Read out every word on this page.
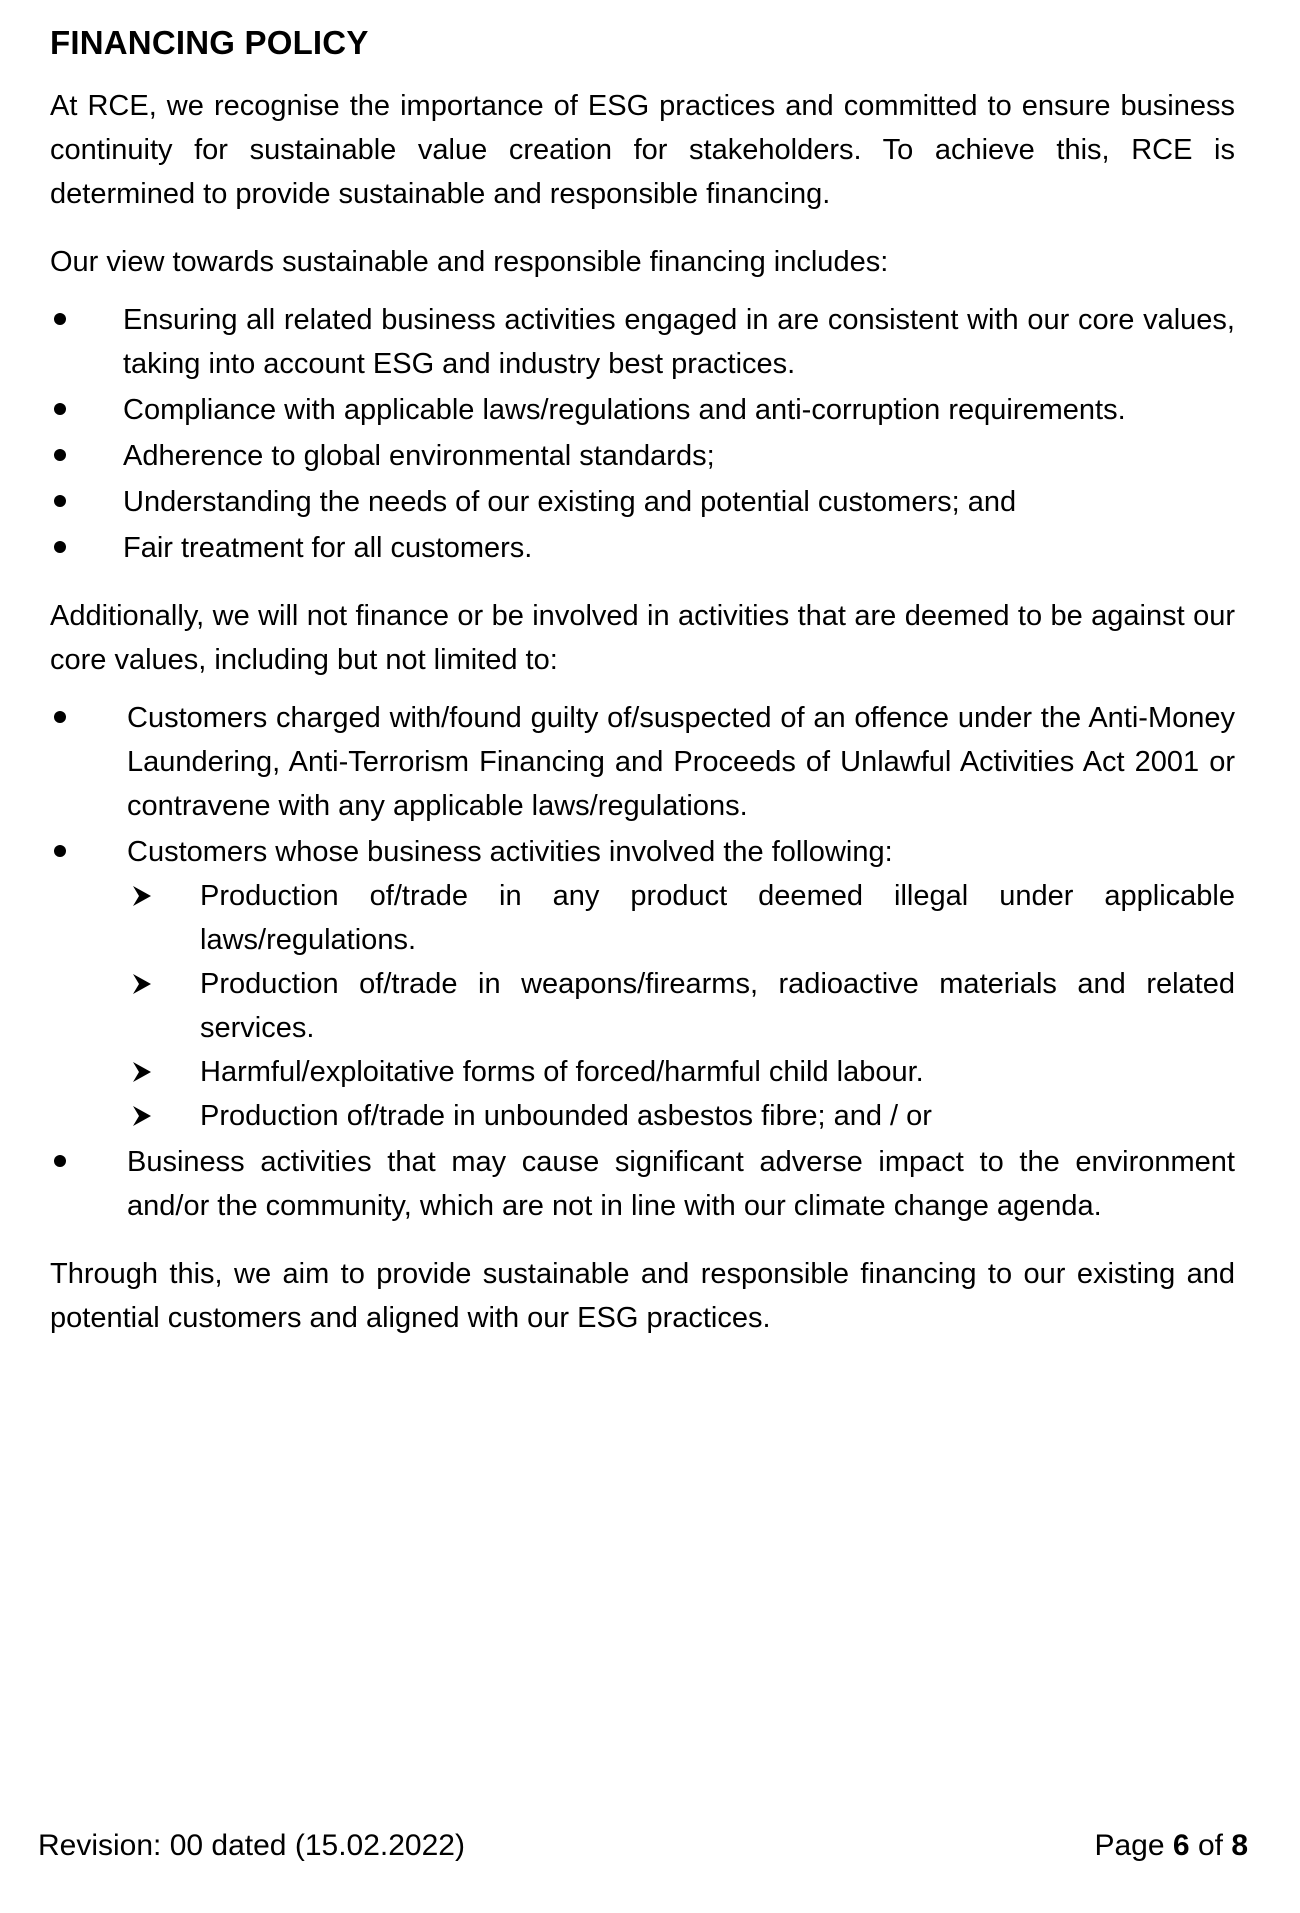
FINANCING POLICY

At RCE, we recognise the importance of ESG practices and committed to ensure business continuity for sustainable value creation for stakeholders. To achieve this, RCE is determined to provide sustainable and responsible financing.

Our view towards sustainable and responsible financing includes:

Ensuring all related business activities engaged in are consistent with our core values, taking into account ESG and industry best practices.
Compliance with applicable laws/regulations and anti-corruption requirements.
Adherence to global environmental standards;
Understanding the needs of our existing and potential customers; and
Fair treatment for all customers.

Additionally, we will not finance or be involved in activities that are deemed to be against our core values, including but not limited to:

Customers charged with/found guilty of/suspected of an offence under the Anti-Money Laundering, Anti-Terrorism Financing and Proceeds of Unlawful Activities Act 2001 or contravene with any applicable laws/regulations.
Customers whose business activities involved the following:
Production of/trade in any product deemed illegal under applicable laws/regulations.
Production of/trade in weapons/firearms, radioactive materials and related services.
Harmful/exploitative forms of forced/harmful child labour.
Production of/trade in unbounded asbestos fibre; and / or
Business activities that may cause significant adverse impact to the environment and/or the community, which are not in line with our climate change agenda.

Through this, we aim to provide sustainable and responsible financing to our existing and potential customers and aligned with our ESG practices.

Revision: 00 dated (15.02.2022)	Page 6 of 8
